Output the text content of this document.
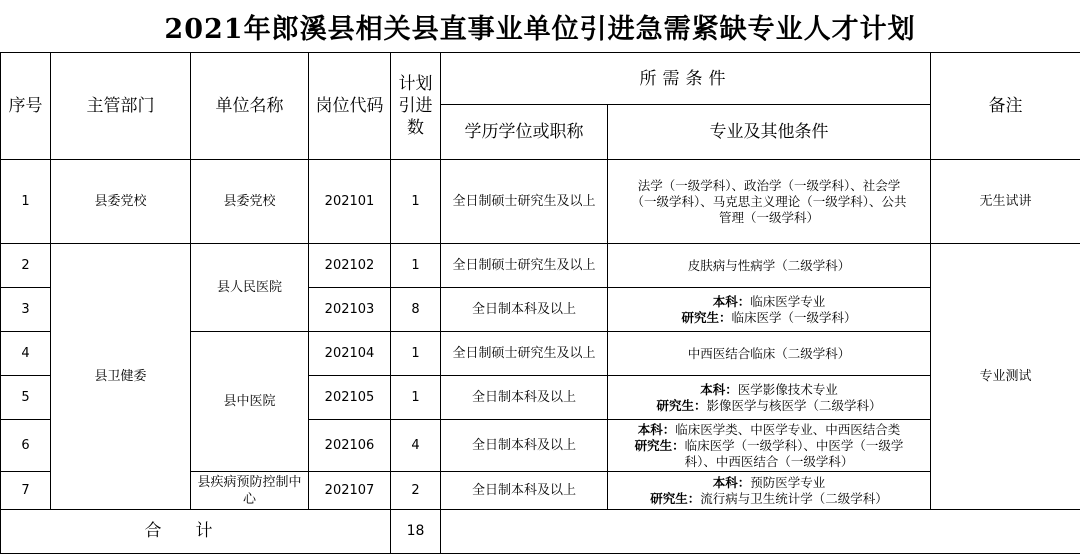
2021年郎溪县相关县直事业单位引进急需紧缺专业人才计划
序号	主管部门	单位名称	岗位代码	计划引进数	所需条件		备注
					学历学位或职称	专业及其他条件	
1	县委党校	县委党校	202101	1	全日制硕士研究生及以上	法学（一级学科）、政治学（一级学科）、社会学
（一级学科）、马克思主义理论（一级学科）、公共
管理（一级学科）	无生试讲
2	县卫健委	县人民医院	202102	1	全日制硕士研究生及以上	皮肤病与性病学（二级学科）	专业测试
3			202103	8	全日制本科及以上	本科：临床医学专业
研究生：临床医学（一级学科）	

4		县中医院	202104	1	全日制硕士研究生及以上	中西医结合临床（二级学科）	

5			202105	1	全日制本科及以上	本科：医学影像技术专业
研究生：影像医学与核医学（二级学科）	

6			202106	4	全日制本科及以上	本科：临床医学类、中医学专业、中西医结合类
研究生：临床医学（一级学科）、中医学（一级学
科）、中西医结合（一级学科）	

7		县疾病预防控制中心	202107	2	全日制本科及以上	本科：预防医学专业
研究生：流行病与卫生统计学（二级学科）	

合计				18			
